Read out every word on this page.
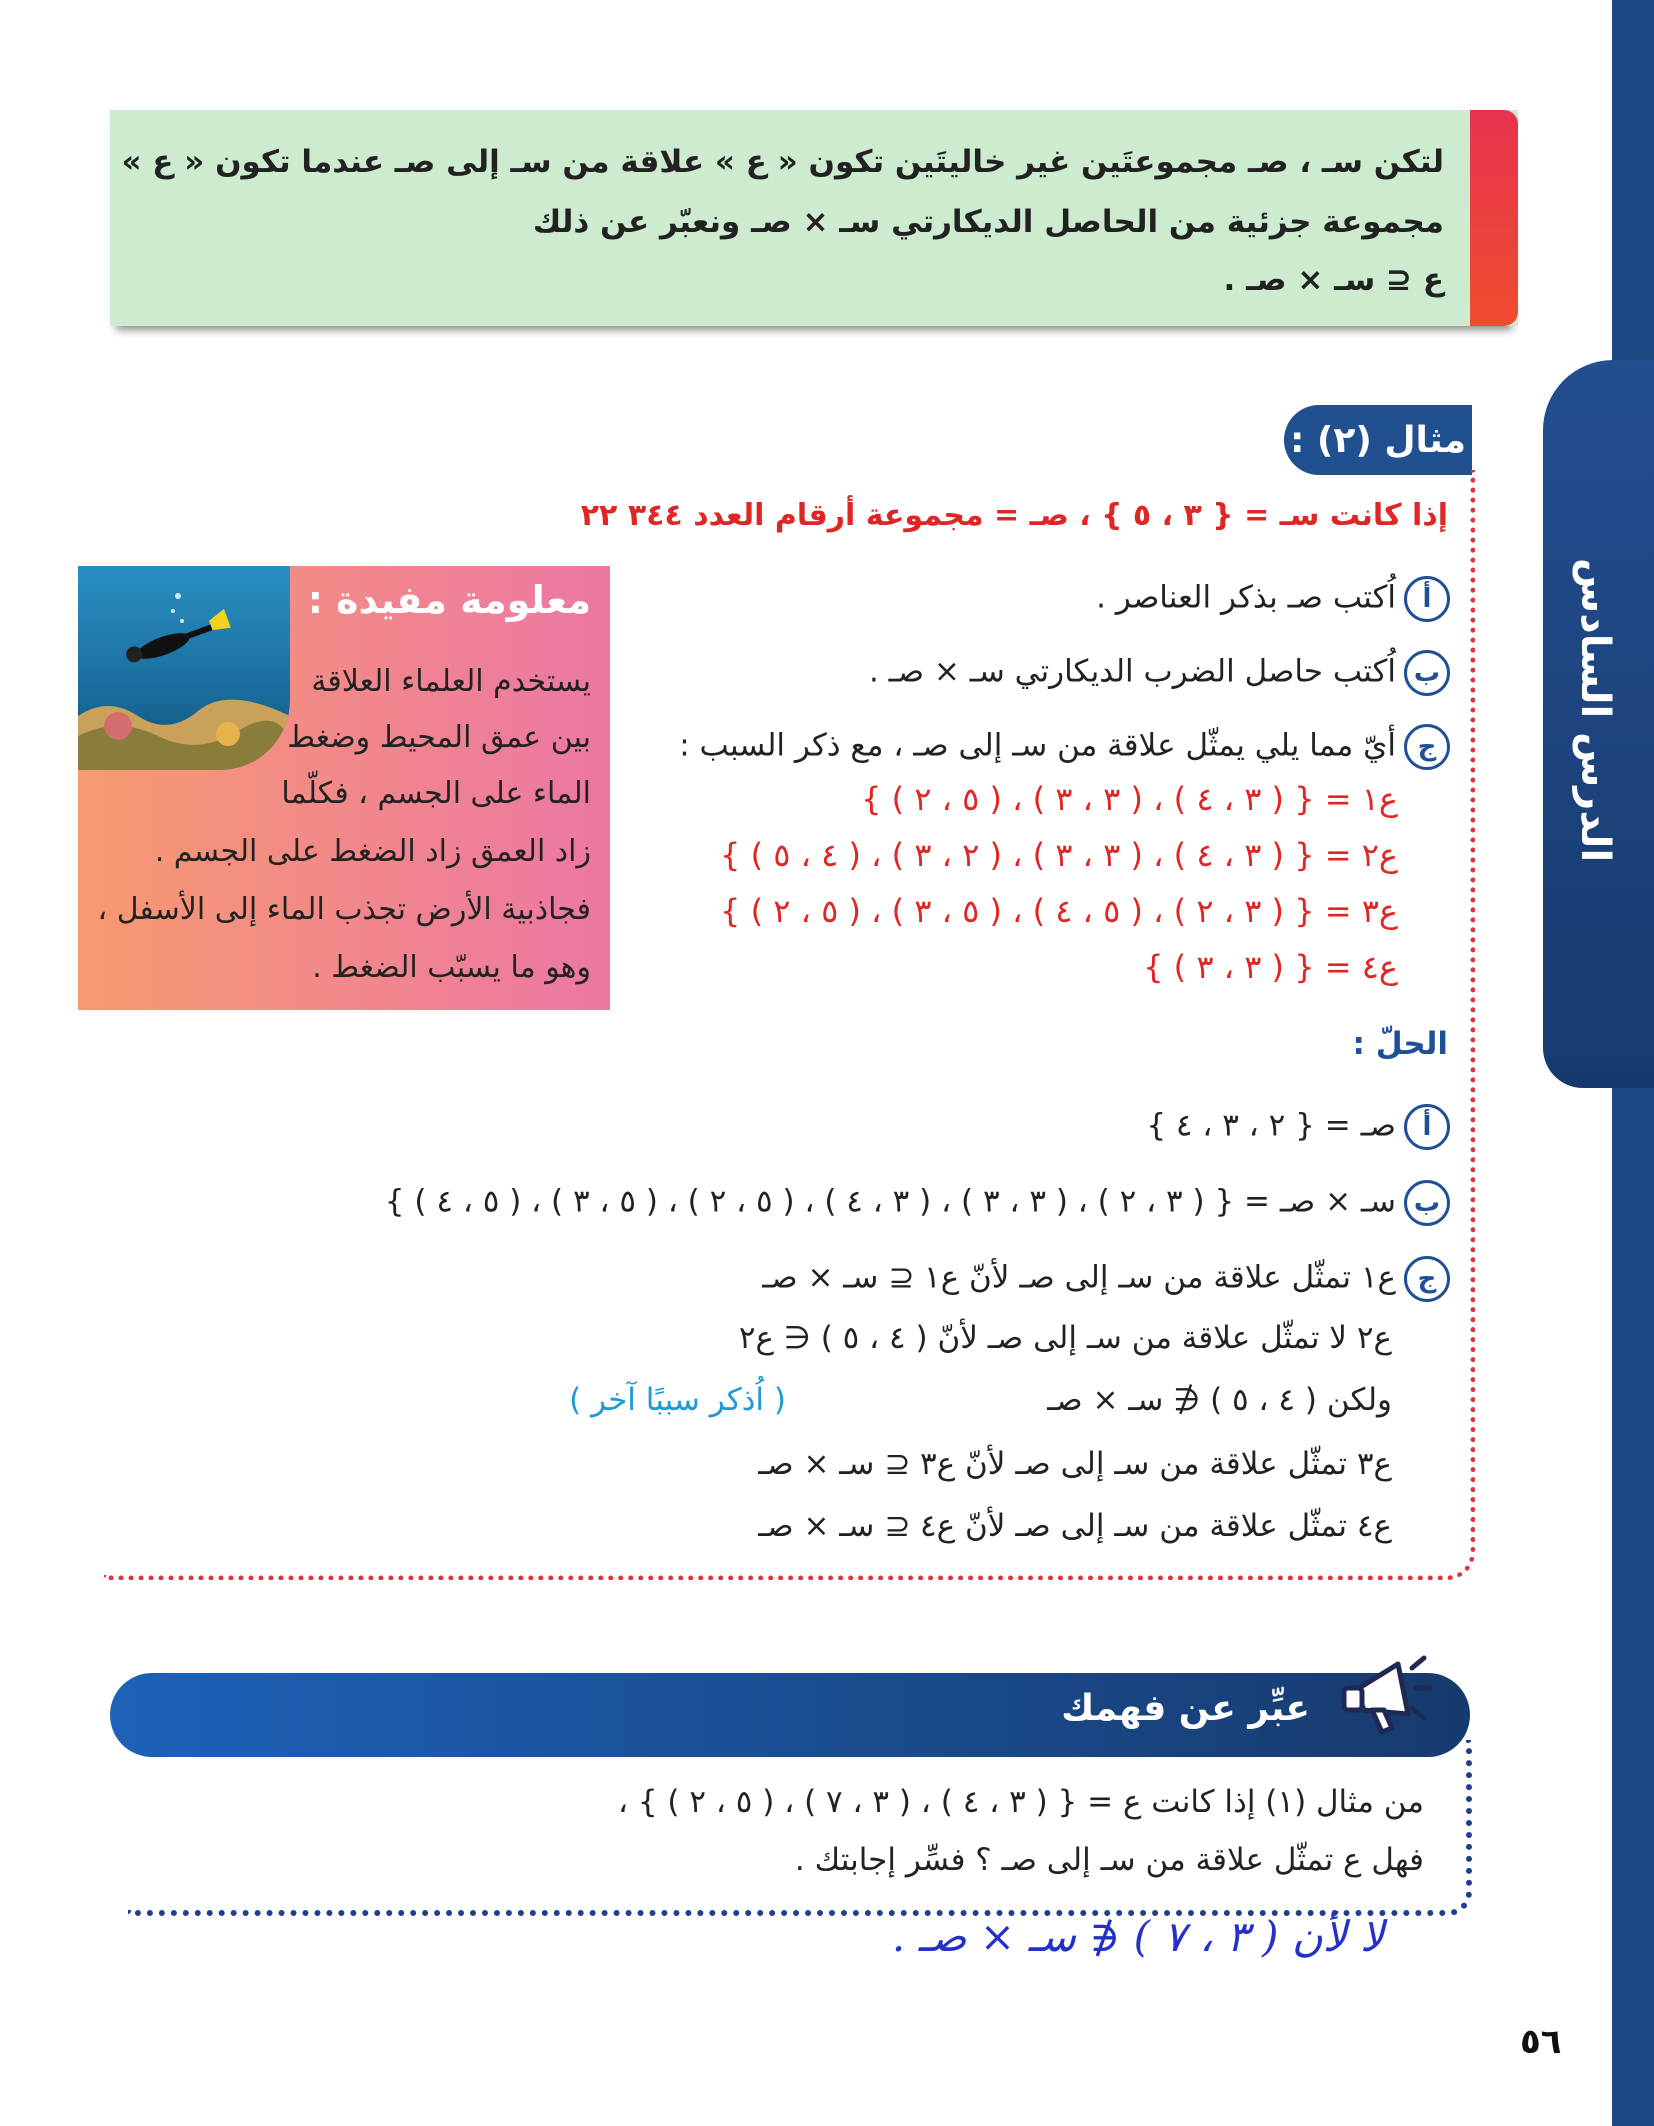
الدرس السادس
لتكن سـ ، صـ مجموعتَين غير خاليتَين تكون « ع » علاقة من سـ إلى صـ عندما تكون « ع »
مجموعة جزئية من الحاصل الديكارتي سـ × صـ ونعبّر عن ذلك
ع ⊆ سـ × صـ .
مثال (٢) :
إذا كانت سـ = { ٣ ، ٥ } ، صـ = مجموعة أرقام العدد ٣٤٤ ٢٢
أاُكتب صـ بذكر العناصر .
باُكتب حاصل الضرب الديكارتي سـ × صـ .
جأيّ مما يلي يمثّل علاقة من سـ إلى صـ ، مع ذكر السبب :
ع١ = { ( ٣ ، ٤ ) ، ( ٣ ، ٣ ) ، ( ٥ ، ٢ ) }
ع٢ = { ( ٣ ، ٤ ) ، ( ٣ ، ٣ ) ، ( ٢ ، ٣ ) ، ( ٤ ، ٥ ) }
ع٣ = { ( ٣ ، ٢ ) ، ( ٥ ، ٤ ) ، ( ٥ ، ٣ ) ، ( ٥ ، ٢ ) }
ع٤ = { ( ٣ ، ٣ ) }
الحلّ :
أصـ = { ٢ ، ٣ ، ٤ }
بسـ × صـ = { ( ٣ ، ٢ ) ، ( ٣ ، ٣ ) ، ( ٣ ، ٤ ) ، ( ٥ ، ٢ ) ، ( ٥ ، ٣ ) ، ( ٥ ، ٤ ) }
جع١ تمثّل علاقة من سـ إلى صـ لأنّ ع١ ⊆ سـ × صـ
ع٢ لا تمثّل علاقة من سـ إلى صـ لأنّ ( ٤ ، ٥ ) ∈ ع٢
ولكن ( ٤ ، ٥ ) ∉ سـ × صـ
( اُذكر سببًا آخر )
ع٣ تمثّل علاقة من سـ إلى صـ لأنّ ع٣ ⊆ سـ × صـ
ع٤ تمثّل علاقة من سـ إلى صـ لأنّ ع٤ ⊆ سـ × صـ
معلومة مفيدة :
يستخدم العلماء العلاقة
بين عمق المحيط وضغط
الماء على الجسم ، فكلّما
زاد العمق زاد الضغط على الجسم .
فجاذبية الأرض تجذب الماء إلى الأسفل ،
وهو ما يسبّب الضغط .
عبِّر عن فهمك
من مثال (١) إذا كانت ع = { ( ٣ ، ٤ ) ، ( ٣ ، ٧ ) ، ( ٥ ، ٢ ) } ،
فهل ع تمثّل علاقة من سـ إلى صـ ؟ فسِّر إجابتك .
لا لأن ( ٣ ، ٧ ) ∉ سـ × صـ .
٥٦
